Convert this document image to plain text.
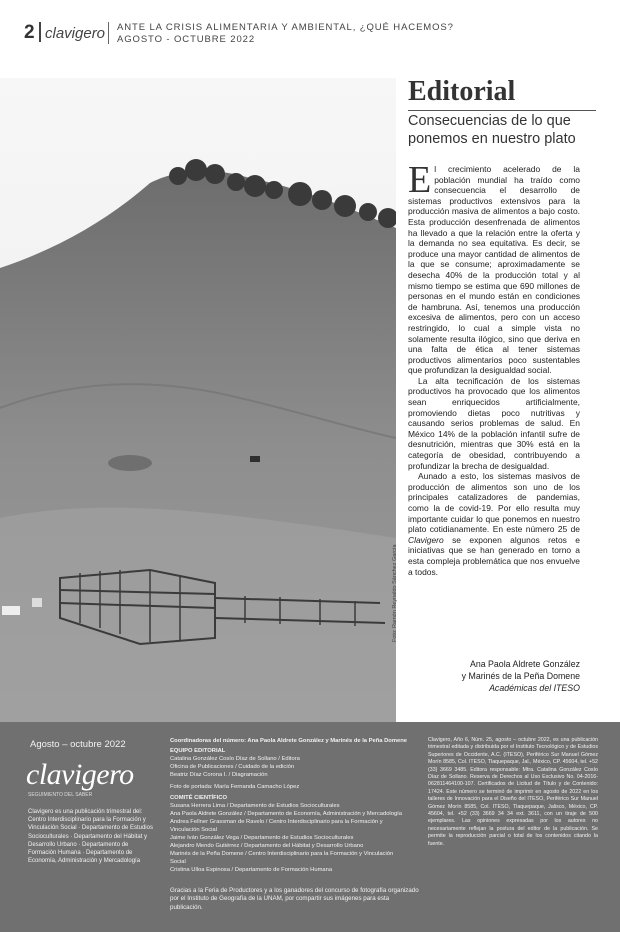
2 clavigero ANTE LA CRISIS ALIMENTARIA Y AMBIENTAL, ¿QUÉ HACEMOS?
AGOSTO - OCTUBRE 2022
Foto: Ramón Reynaldo Sánchez García
Editorial
Consecuencias de lo que ponemos en nuestro plato

El crecimiento acelerado de la población mundial ha traído como consecuencia el desarrollo de sistemas productivos extensivos para la producción masiva de alimentos a bajo costo. Esta producción desenfrenada de alimentos ha llevado a que la relación entre la oferta y la demanda no sea equitativa. Es decir, se produce una mayor cantidad de alimentos de la que se consume; aproximadamente se desecha 40% de la producción total y al mismo tiempo se estima que 690 millones de personas en el mundo están en condiciones de hambruna. Así, tenemos una producción excesiva de alimentos, pero con un acceso restringido, lo cual a simple vista no solamente resulta ilógico, sino que deriva en una falta de ética al tener sistemas productivos alimentarios poco sustentables que profundizan la desigualdad social.

La alta tecnificación de los sistemas productivos ha provocado que los alimentos sean enriquecidos artificialmente, promoviendo dietas poco nutritivas y causando serios problemas de salud. En México 14% de la población infantil sufre de desnutrición, mientras que 30% está en la categoría de obesidad, contribuyendo a profundizar la brecha de desigualdad.

Aunado a esto, los sistemas masivos de producción de alimentos son uno de los principales catalizadores de pandemias, como la de covid-19. Por ello resulta muy importante cuidar lo que ponemos en nuestro plato cotidianamente. En este número 25 de Clavigero se exponen algunos retos e iniciativas que se han generado en torno a esta compleja problemática que nos envuelve a todos.

Ana Paola Aldrete González
y Marinés de la Peña Domene
Académicas del ITESO
Agosto – octubre 2022
clavigero
SEGUIMIENTO DEL SABER
Clavigero es una publicación trimestral del: Centro Interdisciplinario para la Formación y Vinculación Social · Departamento de Estudios Socioculturales · Departamento del Hábitat y Desarrollo Urbano · Departamento de Formación Humana · Departamento de Economía, Administración y Mercadología
Coordinadoras del número: Ana Paola Aldrete González y Marinés de la Peña Domene
EQUIPO EDITORIAL
Catalina González Cosío Díaz de Sollano / Editora
Oficina de Publicaciones / Cuidado de la edición
Beatriz Díaz Corona I. / Diagramación
Foto de portada: María Fernanda Camacho López
COMITÉ CIENTÍFICO
Susana Herrera Lima / Departamento de Estudios Socioculturales
Ana Paola Aldrete González / Departamento de Economía, Administración y Mercadología
Andrea Fellner Grassman de Ravelo / Centro Interdisciplinario para la Formación y Vinculación Social
Jaime Iván González Vega / Departamento de Estudios Socioculturales
Alejandro Mendo Gutiérrez / Departamento del Hábitat y Desarrollo Urbano
Marinés de la Peña Domene / Centro Interdisciplinario para la Formación y Vinculación Social
Cristina Ulloa Espinosa / Departamento de Formación Humana
Clavigero, Año 6, Núm. 25, agosto – octubre 2022, es una publicación trimestral editada y distribuida por el Instituto Tecnológico y de Estudios Superiores de Occidente, A.C. (ITESO), Periférico Sur Manuel Gómez Morín 8585, Col. ITESO, Tlaquepaque, Jal., México, CP. 45604, tel. +52 (33) 3669 3485. Editora responsable: Mtra. Catalina González Cosío Díaz de Sollano. Reserva de Derechos al Uso Exclusivo No. 04-2016-062811464100-107. Certificados de Licitud de Título y de Contenido: 17424. Este número se terminó de imprimir en agosto de 2022 en los talleres de Innovación para el Diseño del ITESO, Periférico Sur Manuel Gómez Morín 8585, Col. ITESO, Tlaquepaque, Jalisco, México, CP. 45604, tel. +52 (33) 3669 34 34 ext. 3611, con un tiraje de 500 ejemplares. Las opiniones expresadas por los autores no necesariamente reflejan la postura del editor de la publicación. Se permite la reproducción parcial o total de los contenidos citando la fuente.
Gracias a la Feria de Productores y a los ganadores del concurso de fotografía organizado por el Instituto de Geografía de la UNAM, por compartir sus imágenes para esta publicación.
